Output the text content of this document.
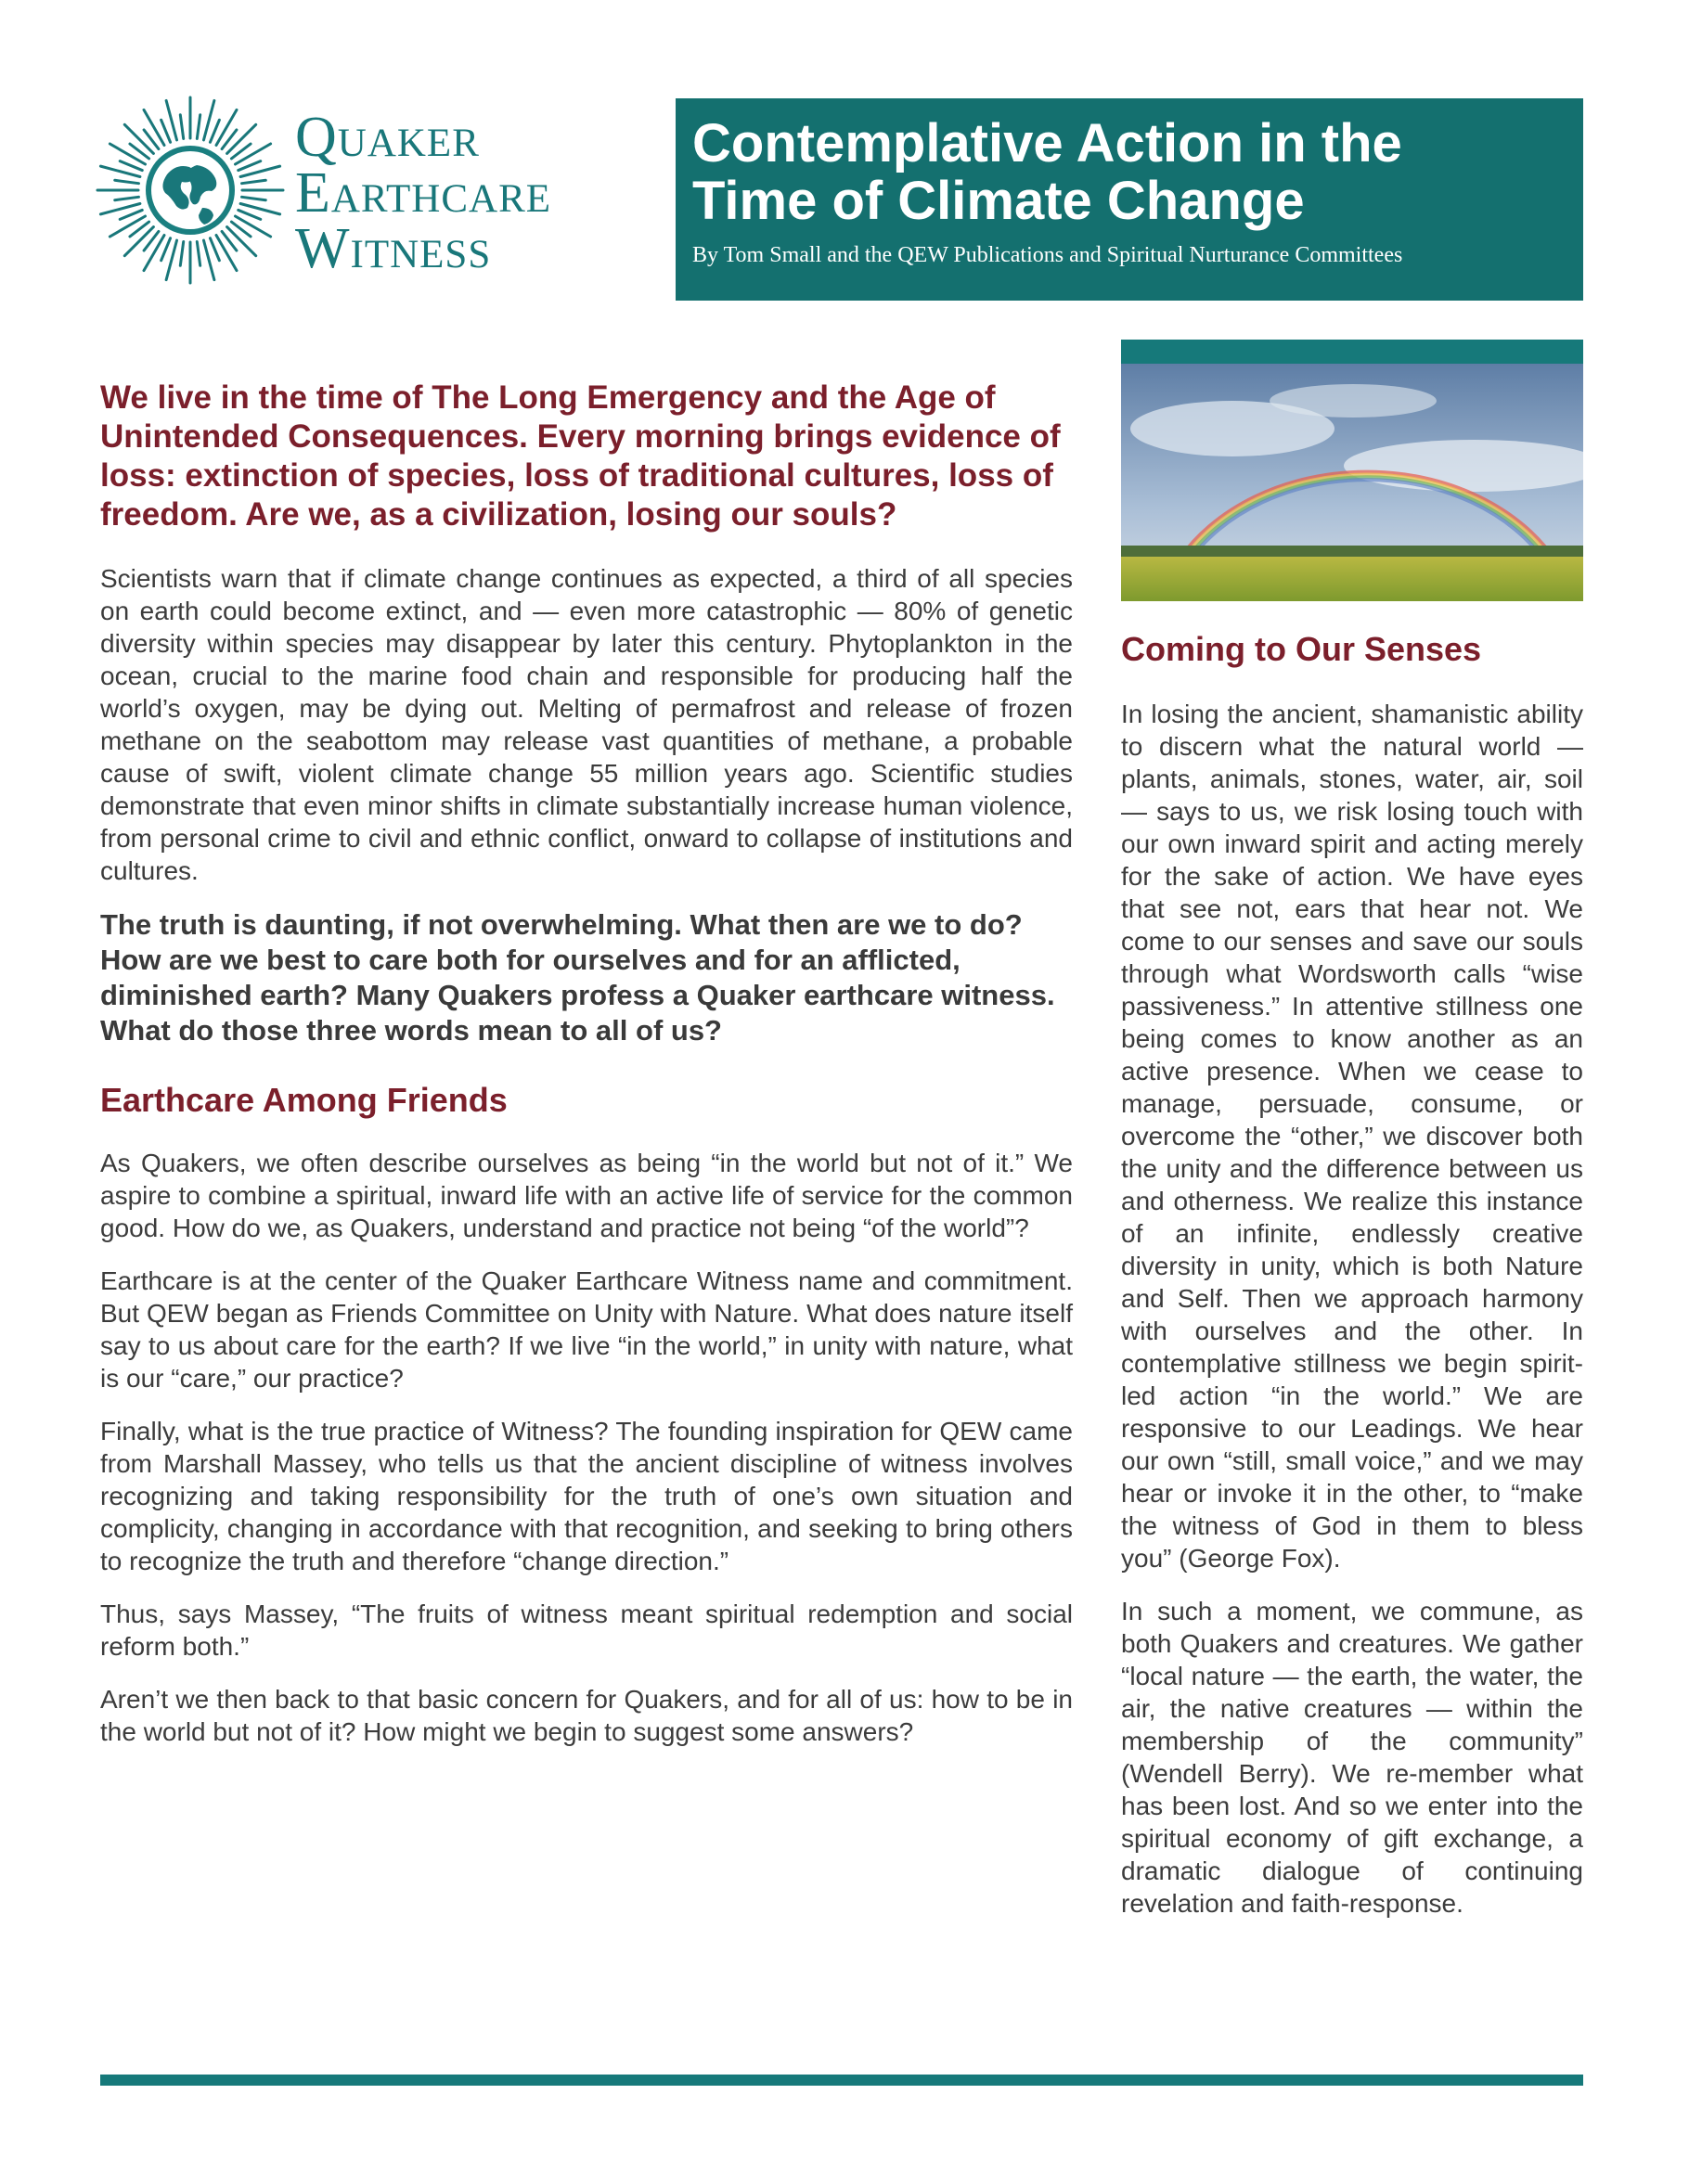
Quaker
Earthcare
Witness
Contemplative Action in the
Time of Climate Change
By Tom Small and the QEW Publications and Spiritual Nurturance Committees

We live in the time of The Long Emergency and the Age of Unintended Consequences. Every morning brings evidence of loss: extinction of species, loss of traditional cultures, loss of freedom. Are we, as a civilization, losing our souls?

Scientists warn that if climate change continues as expected, a third of all species on earth could become extinct, and — even more catastrophic — 80% of genetic diversity within species may disappear by later this century. Phytoplankton in the ocean, crucial to the marine food chain and responsible for producing half the world’s oxygen, may be dying out. Melting of permafrost and release of frozen methane on the seabottom may release vast quantities of methane, a probable cause of swift, violent climate change 55 million years ago. Scientific studies demonstrate that even minor shifts in climate substantially increase human violence, from personal crime to civil and ethnic conflict, onward to collapse of institutions and cultures.

The truth is daunting, if not overwhelming. What then are we to do? How are we best to care both for ourselves and for an afflicted, diminished earth? Many Quakers profess a Quaker earthcare witness. What do those three words mean to all of us?

Earthcare Among Friends

As Quakers, we often describe ourselves as being “in the world but not of it.” We aspire to combine a spiritual, inward life with an active life of service for the common good. How do we, as Quakers, understand and practice not being “of the world”?

Earthcare is at the center of the Quaker Earthcare Witness name and commitment. But QEW began as Friends Committee on Unity with Nature. What does nature itself say to us about care for the earth? If we live “in the world,” in unity with nature, what is our “care,” our practice?

Finally, what is the true practice of Witness? The founding inspiration for QEW came from Marshall Massey, who tells us that the ancient discipline of witness involves recognizing and taking responsibility for the truth of one’s own situation and complicity, changing in accordance with that recognition, and seeking to bring others to recognize the truth and therefore “change direction.”

Thus, says Massey, “The fruits of witness meant spiritual redemption and social reform both.”

Aren’t we then back to that basic concern for Quakers, and for all of us: how to be in the world but not of it? How might we begin to suggest some answers?

Coming to Our Senses

In losing the ancient, shamanistic ability to discern what the natural world — plants, animals, stones, water, air, soil — says to us, we risk losing touch with our own inward spirit and acting merely for the sake of action. We have eyes that see not, ears that hear not. We come to our senses and save our souls through what Wordsworth calls “wise passiveness.” In attentive stillness one being comes to know another as an active presence. When we cease to manage, persuade, consume, or overcome the “other,” we discover both the unity and the difference between us and otherness. We realize this instance of an infinite, endlessly creative diversity in unity, which is both Nature and Self. Then we approach harmony with ourselves and the other. In contemplative stillness we begin spirit-led action “in the world.” We are responsive to our Leadings. We hear our own “still, small voice,” and we may hear or invoke it in the other, to “make the witness of God in them to bless you” (George Fox).

In such a moment, we commune, as both Quakers and creatures. We gather “local nature — the earth, the water, the air, the native creatures — within the membership of the community” (Wendell Berry). We re-member what has been lost. And so we enter into the spiritual economy of gift exchange, a dramatic dialogue of continuing revelation and faith-response.
